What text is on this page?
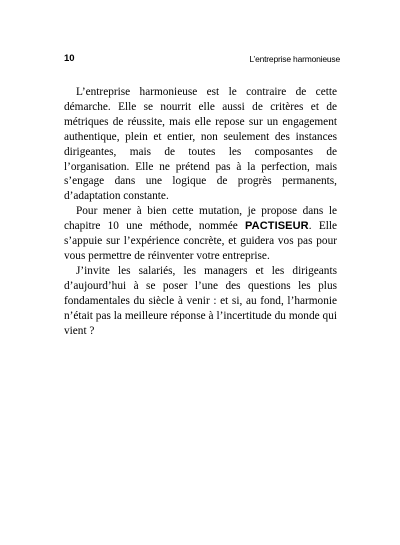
10	L’entreprise harmonieuse

L’entreprise harmonieuse est le contraire de cette démarche. Elle se nourrit elle aussi de critères et de métriques de réussite, mais elle repose sur un engagement authentique, plein et entier, non seulement des instances dirigeantes, mais de toutes les composantes de l’organisation. Elle ne prétend pas à la perfection, mais s’engage dans une logique de progrès permanents, d’adaptation constante.

Pour mener à bien cette mutation, je propose dans le chapitre 10 une méthode, nommée PACTISEUR. Elle s’appuie sur l’expérience concrète, et guidera vos pas pour vous permettre de réinventer votre entreprise.

J’invite les salariés, les managers et les dirigeants d’aujourd’hui à se poser l’une des questions les plus fondamentales du siècle à venir : et si, au fond, l’harmonie n’était pas la meilleure réponse à l’incertitude du monde qui vient ?
